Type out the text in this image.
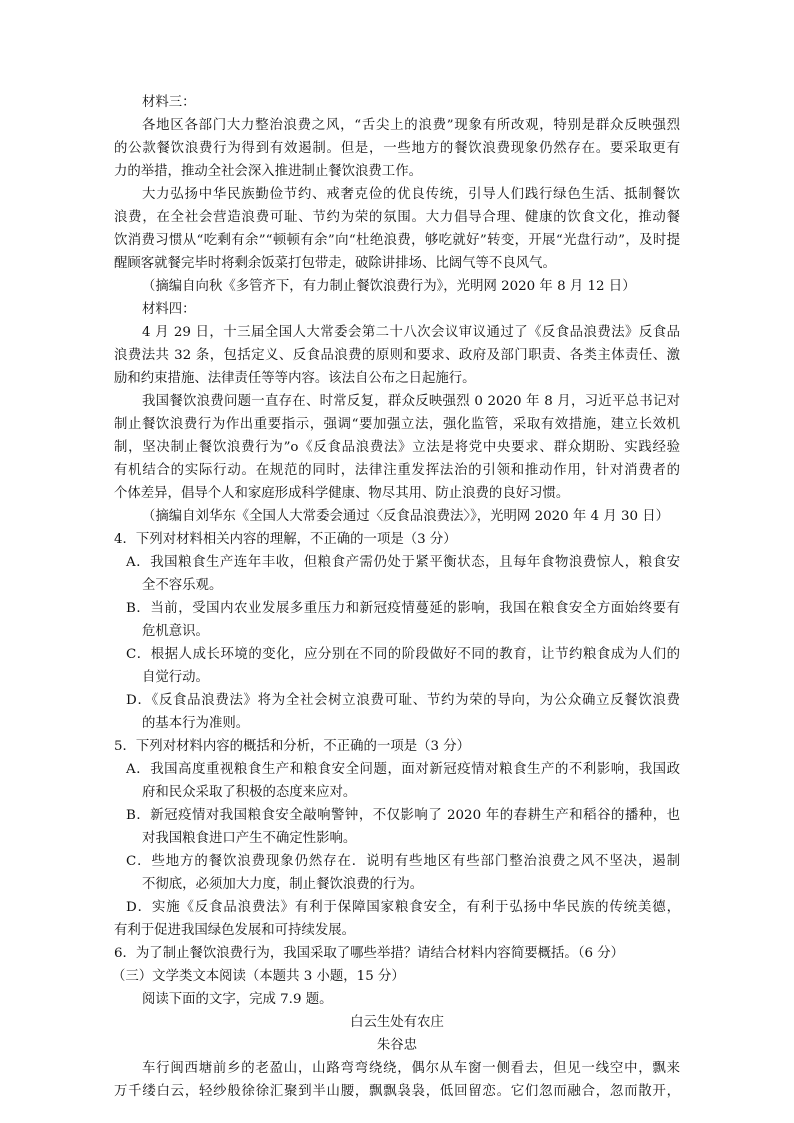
材料三：
各地区各部门大力整治浪费之风，“舌尖上的浪费”现象有所改观，特别是群众反映强烈
的公款餐饮浪费行为得到有效遏制。但是，一些地方的餐饮浪费现象仍然存在。要采取更有
力的举措，推动全社会深入推进制止餐饮浪费工作。
大力弘扬中华民族勤俭节约、戒奢克俭的优良传统，引导人们践行绿色生活、抵制餐饮
浪费，在全社会营造浪费可耻、节约为荣的氛围。大力倡导合理、健康的饮食文化，推动餐
饮消费习惯从“吃剩有余”“顿顿有余”向“杜绝浪费，够吃就好”转变，开展“光盘行动”，及时提
醒顾客就餐完毕时将剩余饭菜打包带走，破除讲排场、比阔气等不良风气。
（摘编自向秋《多管齐下，有力制止餐饮浪费行为》，光明网 2020 年 8 月 12 日）
材料四：
4 月 29 日，十三届全国人大常委会第二十八次会议审议通过了《反食品浪费法》反食品
浪费法共 32 条，包括定义、反食品浪费的原则和要求、政府及部门职责、各类主体责任、激
励和约束措施、法律责任等等内容。该法自公布之日起施行。
我国餐饮浪费问题一直存在、时常反复，群众反映强烈 0 2020 年 8 月，习近平总书记对
制止餐饮浪费行为作出重要指示，强调“要加强立法，强化监管，采取有效措施，建立长效机
制，坚决制止餐饮浪费行为”o《反食品浪费法》立法是将党中央要求、群众期盼、实践经验
有机结合的实际行动。在规范的同时，法律注重发挥法治的引领和推动作用，针对消费者的
个体差异，倡导个人和家庭形成科学健康、物尽其用、防止浪费的良好习惯。
（摘编自刘华东《全国人大常委会通过〈反食品浪费法〉》，光明网 2020 年 4 月 30 日）
4．下列对材料相关内容的理解，不正确的一项是（3 分）
A．我国粮食生产连年丰收，但粮食产需仍处于紧平衡状态，且每年食物浪费惊人，粮食安
全不容乐观。
B．当前，受国内农业发展多重压力和新冠疫情蔓延的影响，我国在粮食安全方面始终要有
危机意识。
C．根据人成长环境的变化，应分别在不同的阶段做好不同的教育，让节约粮食成为人们的
自觉行动。
D．《反食品浪费法》将为全社会树立浪费可耻、节约为荣的导向，为公众确立反餐饮浪费
的基本行为准则。
5．下列对材料内容的概括和分析，不正确的一项是（3 分）
A．我国高度重视粮食生产和粮食安全问题，面对新冠疫情对粮食生产的不利影响，我国政
府和民众采取了积极的态度来应对。
B．新冠疫情对我国粮食安全敲响警钟，不仅影响了 2020 年的春耕生产和稻谷的播种，也
对我国粮食进口产生不确定性影响。
C．些地方的餐饮浪费现象仍然存在．说明有些地区有些部门整治浪费之风不坚决，遏制
不彻底，必须加大力度，制止餐饮浪费的行为。
D．实施《反食品浪费法》有利于保障国家粮食安全，有利于弘扬中华民族的传统美德，
有利于促进我国绿色发展和可持续发展。
6．为了制止餐饮浪费行为，我国采取了哪些举措？请结合材料内容简要概括。（6 分）
（三）文学类文本阅读（本题共 3 小题，15 分）
阅读下面的文字，完成 7.9 题。
白云生处有农庄
朱谷忠
车行闽西塘前乡的老盈山，山路弯弯绕绕，偶尔从车窗一侧看去，但见一线空中，飘来
万千缕白云，轻纱般徐徐汇聚到半山腰，飘飘袅袅，低回留恋。它们忽而融合，忽而散开，
